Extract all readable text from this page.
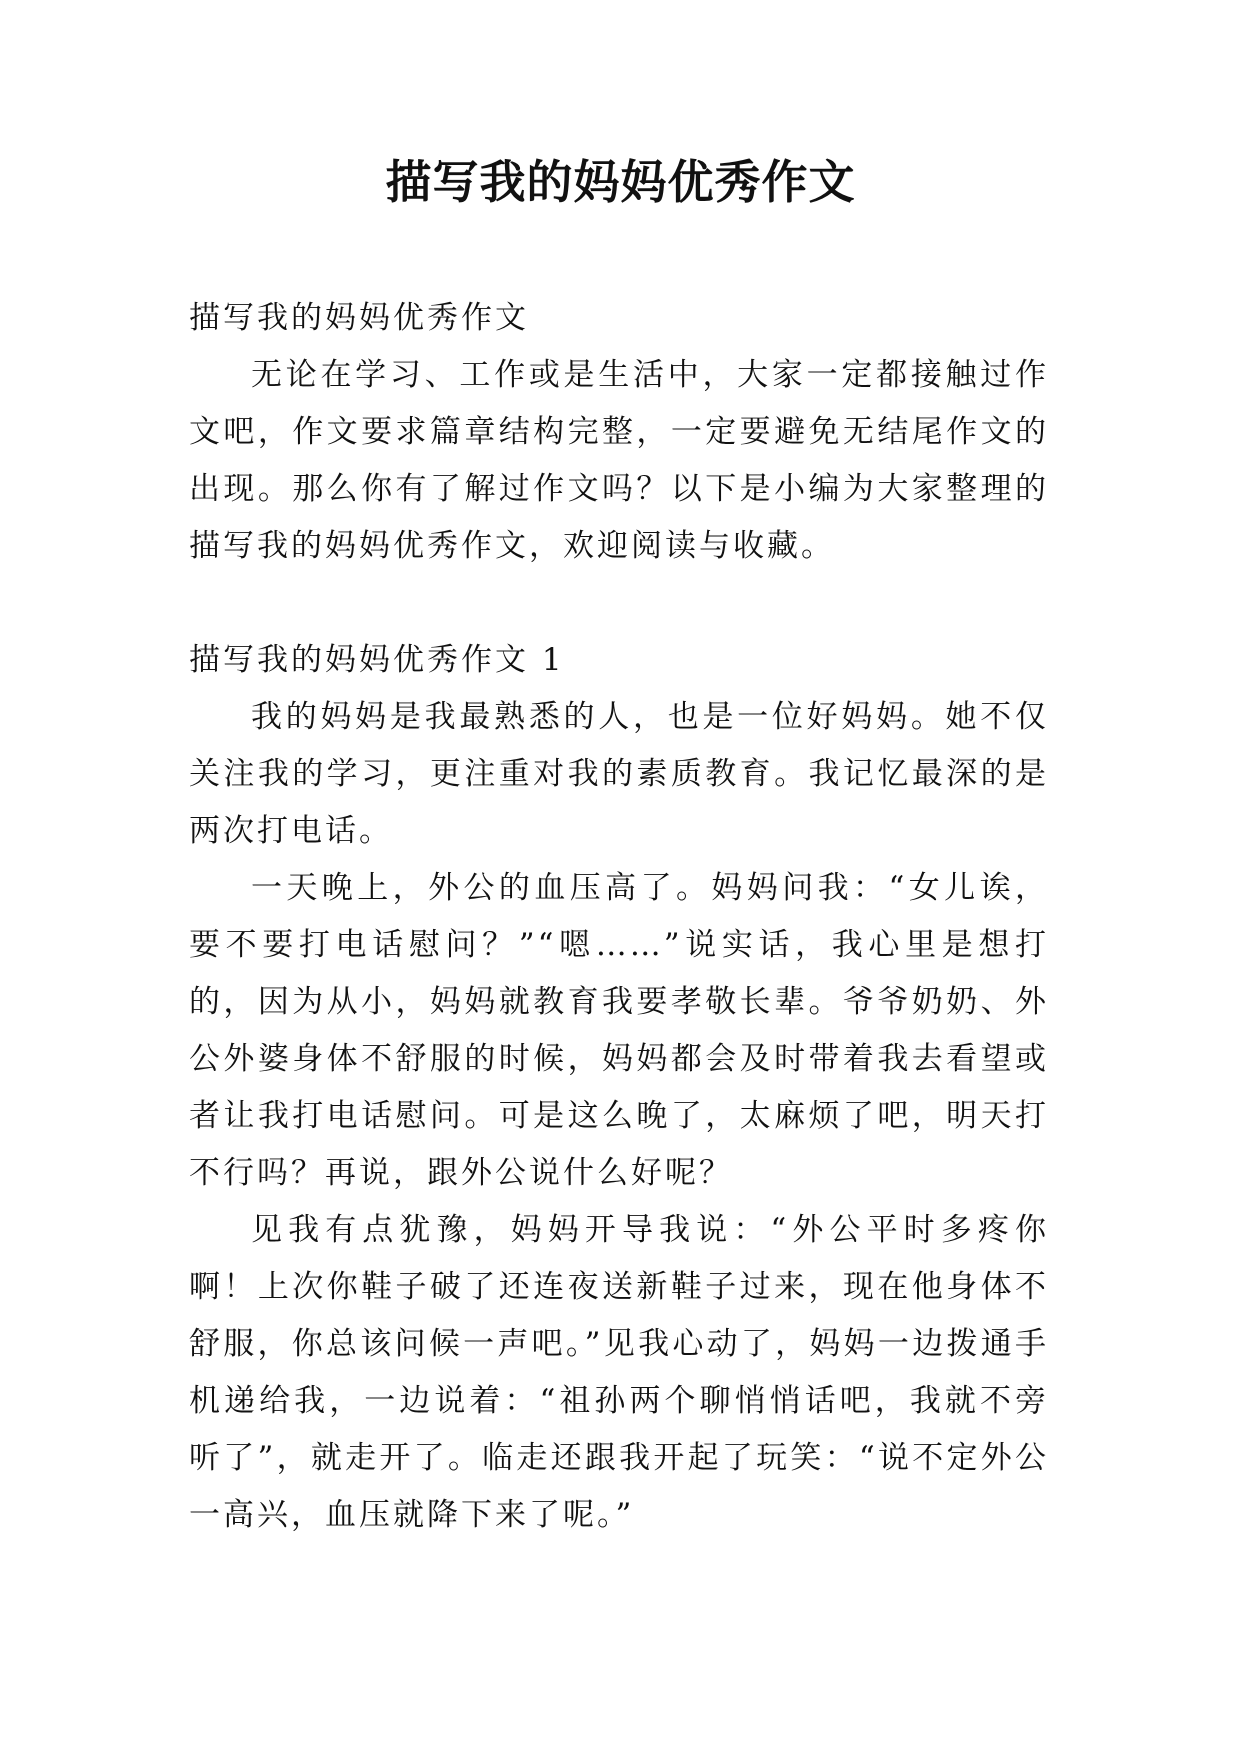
描写我的妈妈优秀作文

描写我的妈妈优秀作文

无论在学习、工作或是生活中，大家一定都接触过作文吧，作文要求篇章结构完整，一定要避免无结尾作文的出现。那么你有了解过作文吗？以下是小编为大家整理的描写我的妈妈优秀作文，欢迎阅读与收藏。

描写我的妈妈优秀作文 1

我的妈妈是我最熟悉的人，也是一位好妈妈。她不仅关注我的学习，更注重对我的素质教育。我记忆最深的是两次打电话。

一天晚上，外公的血压高了。妈妈问我：“女儿诶，要不要打电话慰问？”“嗯……”说实话，我心里是想打的，因为从小，妈妈就教育我要孝敬长辈。爷爷奶奶、外公外婆身体不舒服的时候，妈妈都会及时带着我去看望或者让我打电话慰问。可是这么晚了，太麻烦了吧，明天打不行吗？再说，跟外公说什么好呢？

见我有点犹豫，妈妈开导我说：“外公平时多疼你啊！上次你鞋子破了还连夜送新鞋子过来，现在他身体不舒服，你总该问候一声吧。”见我心动了，妈妈一边拨通手机递给我，一边说着：“祖孙两个聊悄悄话吧，我就不旁听了”，就走开了。临走还跟我开起了玩笑：“说不定外公一高兴，血压就降下来了呢。”
